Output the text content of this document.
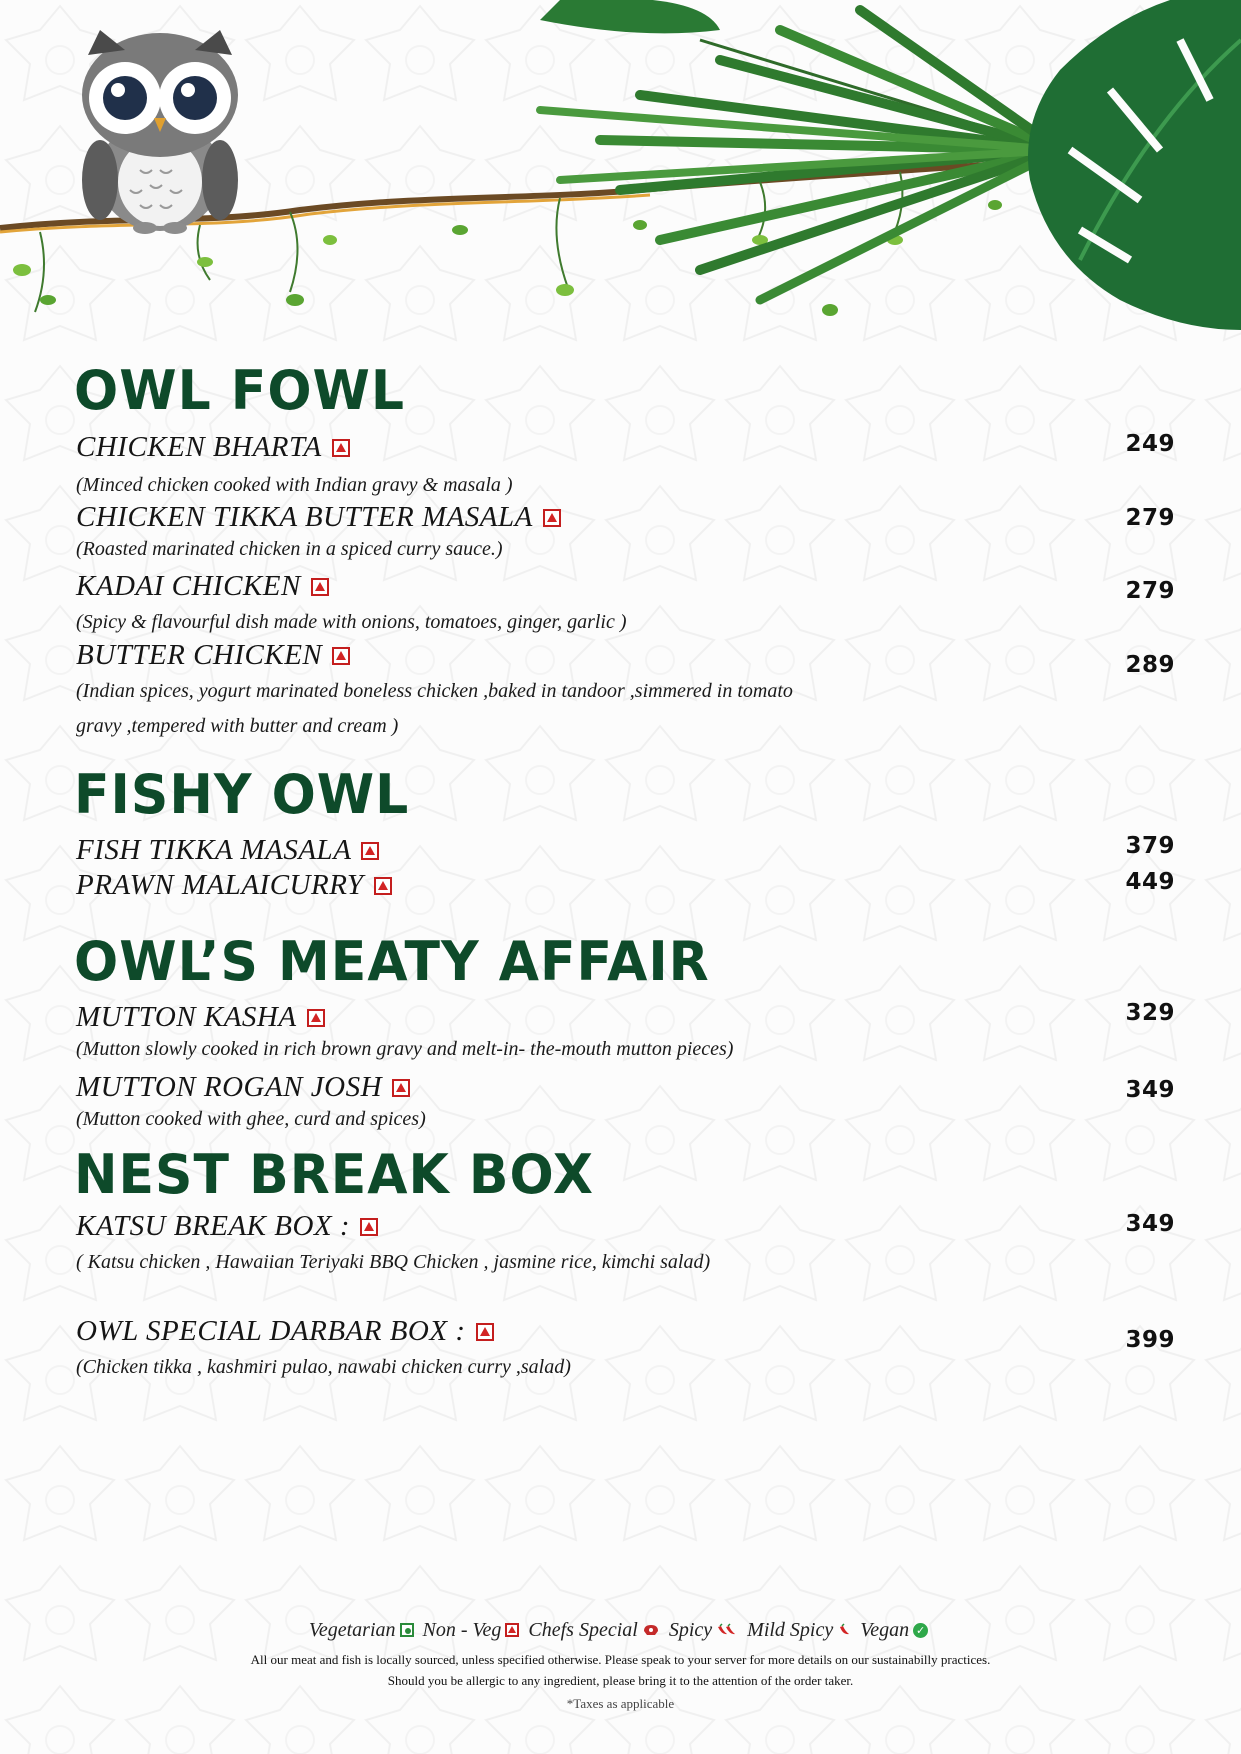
OWL FOWL
CHICKEN BHARTA
(Minced chicken cooked with Indian gravy & masala )
249
CHICKEN TIKKA BUTTER MASALA
(Roasted marinated chicken in a spiced curry sauce.)
279
KADAI CHICKEN
(Spicy & flavourful dish made with onions, tomatoes, ginger, garlic )
279
BUTTER CHICKEN
(Indian spices, yogurt marinated boneless chicken ,baked in tandoor ,simmered in tomato gravy ,tempered with butter and cream )
289
FISHY OWL
FISH TIKKA MASALA	379
PRAWN MALAICURRY	449
OWL’S MEATY AFFAIR
MUTTON KASHA
(Mutton slowly cooked in rich brown gravy and melt-in- the-mouth mutton pieces)
329
MUTTON ROGAN JOSH
(Mutton cooked with ghee, curd and spices)
349
NEST BREAK BOX
KATSU BREAK BOX :
( Katsu chicken , Hawaiian Teriyaki BBQ Chicken , jasmine rice, kimchi salad)
349
OWL SPECIAL DARBAR BOX :
(Chicken tikka , kashmiri pulao, nawabi chicken curry ,salad)
399
Vegetarian Non - Veg Chefs Special Spicy Mild Spicy Vegan ✓
All our meat and fish is locally sourced, unless specified otherwise. Please speak to your server for more details on our sustainabilly practices.
Should you be allergic to any ingredient, please bring it to the attention of the order taker.
*Taxes as applicable
